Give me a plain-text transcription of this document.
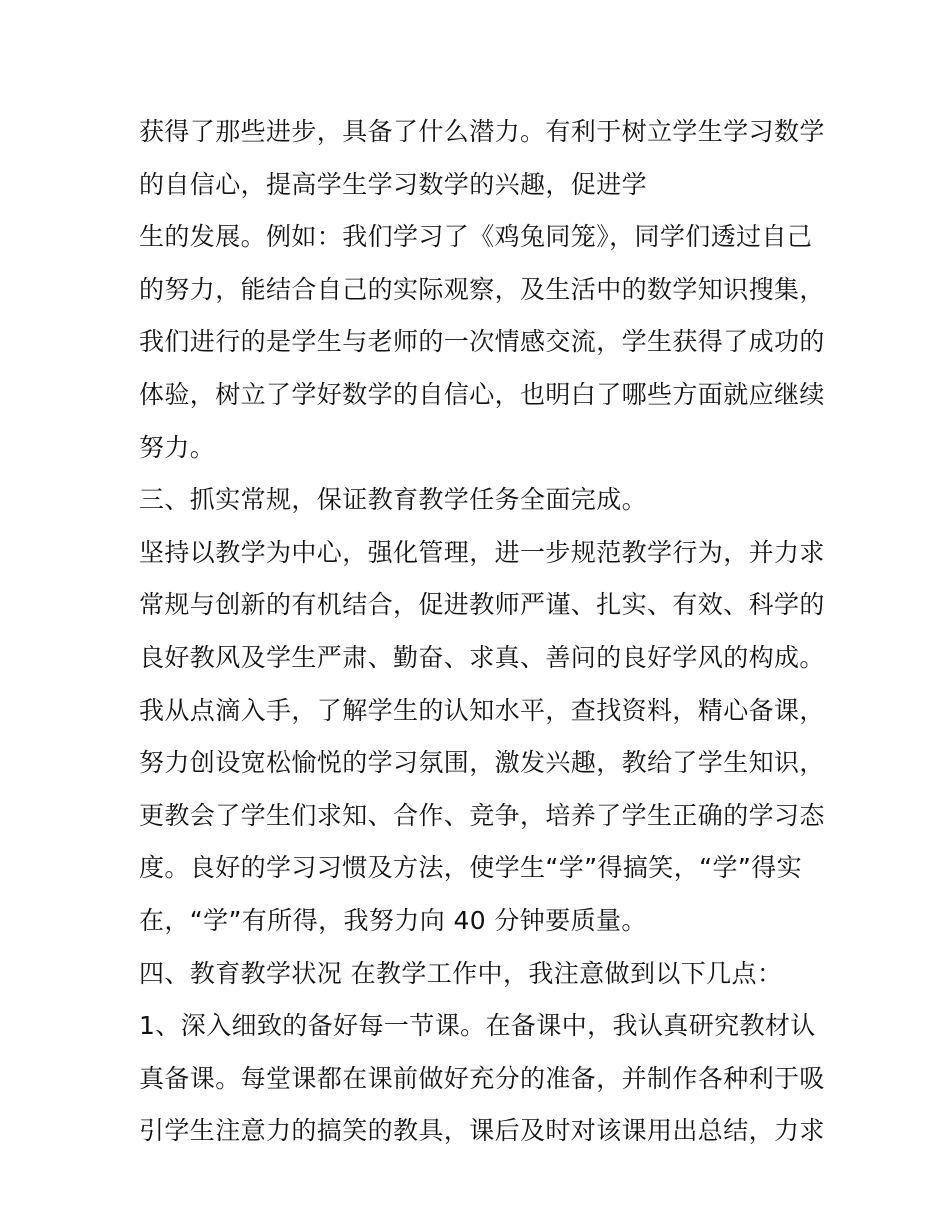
获得了那些进步，具备了什么潜力。有利于树立学生学习数学
的自信心，提高学生学习数学的兴趣，促进学
生的发展。例如：我们学习了《鸡兔同笼》，同学们透过自己
的努力，能结合自己的实际观察，及生活中的数学知识搜集，
我们进行的是学生与老师的一次情感交流，学生获得了成功的
体验，树立了学好数学的自信心，也明白了哪些方面就应继续
努力。
三、抓实常规，保证教育教学任务全面完成。
坚持以教学为中心，强化管理，进一步规范教学行为，并力求
常规与创新的有机结合，促进教师严谨、扎实、有效、科学的
良好教风及学生严肃、勤奋、求真、善问的良好学风的构成。
我从点滴入手，了解学生的认知水平，查找资料，精心备课，
努力创设宽松愉悦的学习氛围，激发兴趣，教给了学生知识，
更教会了学生们求知、合作、竞争，培养了学生正确的学习态
度。良好的学习习惯及方法，使学生“学”得搞笑，“学”得实
在，“学”有所得，我努力向 40 分钟要质量。
四、教育教学状况 在教学工作中，我注意做到以下几点：
1、深入细致的备好每一节课。在备课中，我认真研究教材认
真备课。每堂课都在课前做好充分的准备，并制作各种利于吸
引学生注意力的搞笑的教具，课后及时对该课用出总结，力求
